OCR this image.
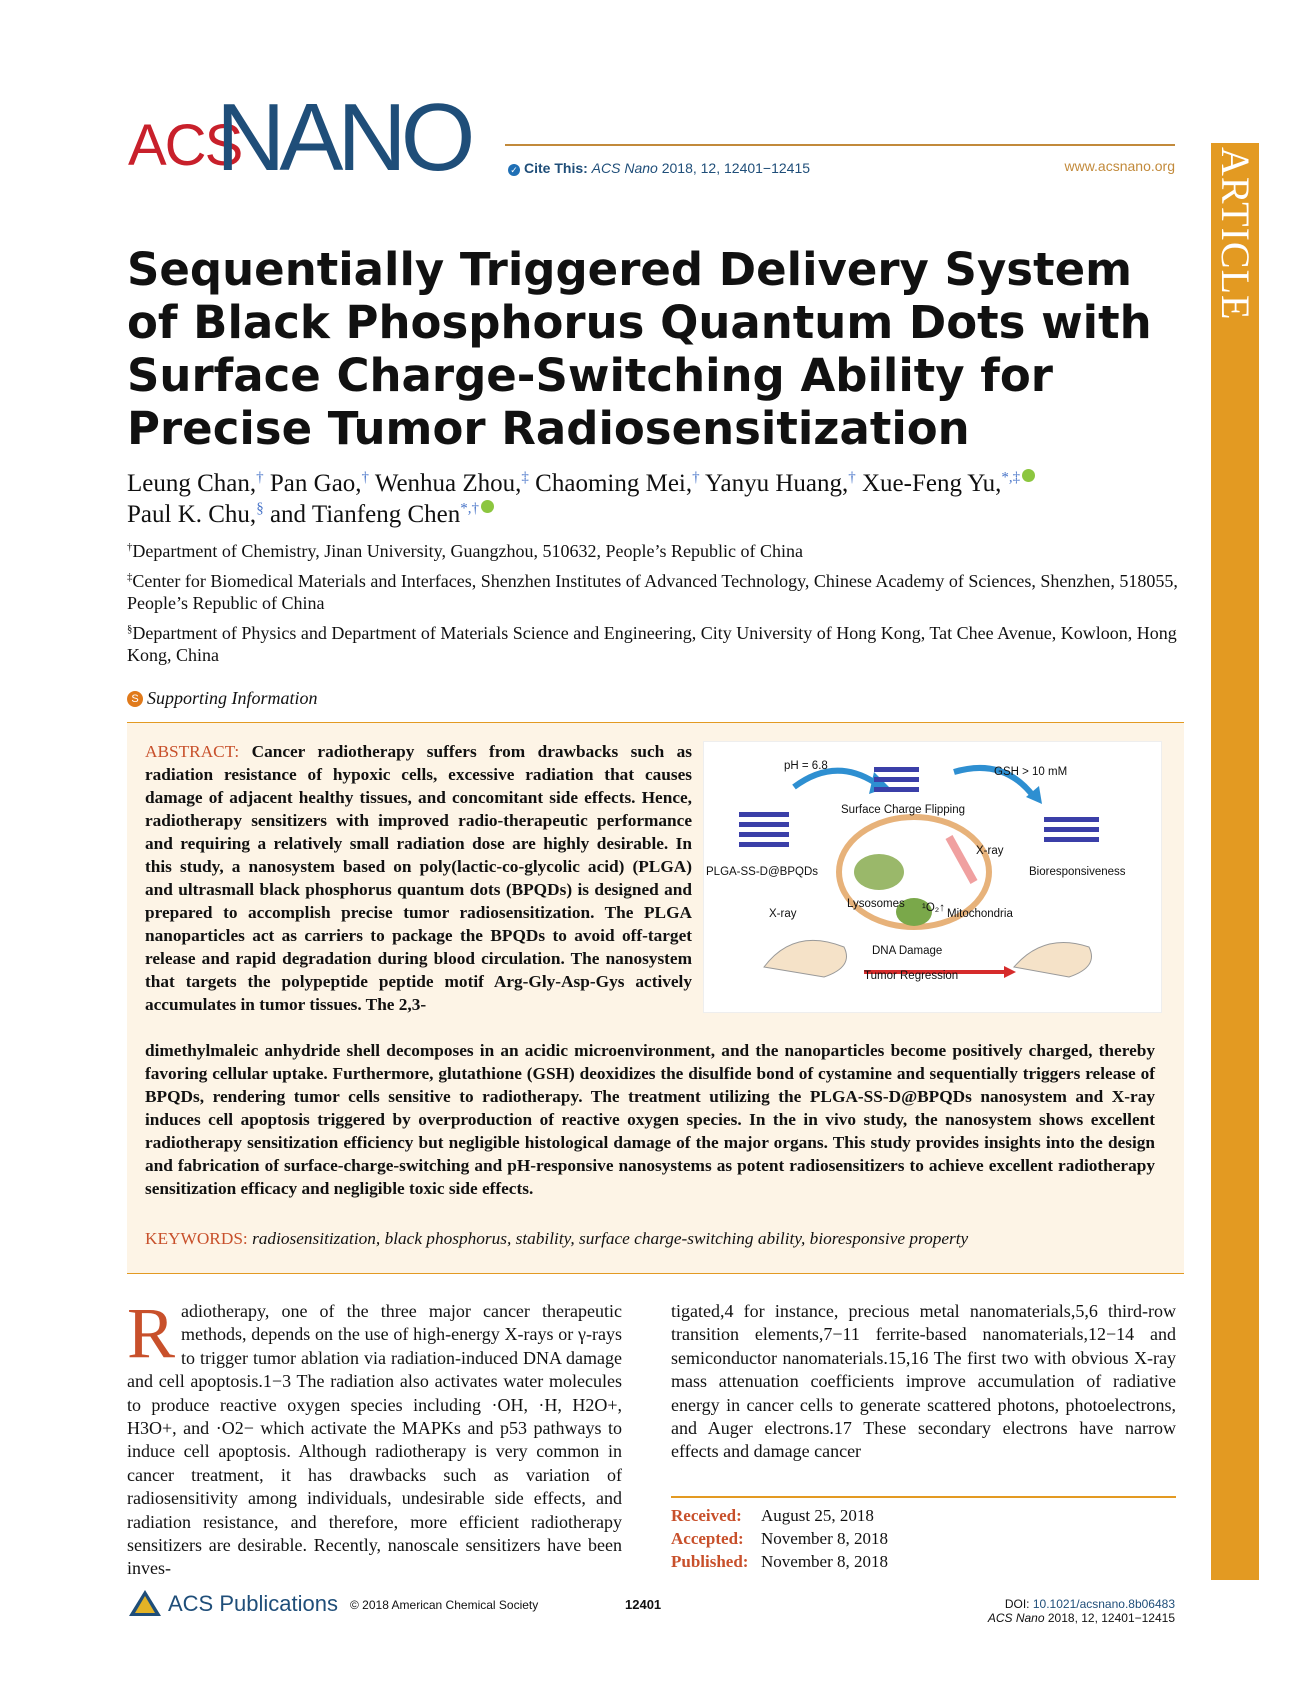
ACS
NANO	✓ Cite This: ACS Nano 2018, 12, 12401−12415	www.acsnano.org ARTICLE
Sequentially Triggered Delivery System of Black Phosphorus Quantum Dots with Surface Charge-Switching Ability for Precise Tumor Radiosensitization
Leung Chan,† Pan Gao,† Wenhua Zhou,‡ Chaoming Mei,† Yanyu Huang,† Xue-Feng Yu,*,‡
Paul K. Chu,§ and Tianfeng Chen*,†
†Department of Chemistry, Jinan University, Guangzhou, 510632, People’s Republic of China
‡Center for Biomedical Materials and Interfaces, Shenzhen Institutes of Advanced Technology, Chinese Academy of Sciences, Shenzhen, 518055, People’s Republic of China
§Department of Physics and Department of Materials Science and Engineering, City University of Hong Kong, Tat Chee Avenue, Kowloon, Hong Kong, China
S Supporting Information
ABSTRACT: Cancer radiotherapy suffers from drawbacks such as radiation resistance of hypoxic cells, excessive radiation that causes damage of adjacent healthy tissues, and concomitant side effects. Hence, radiotherapy sensitizers with improved radio-therapeutic performance and requiring a relatively small radiation dose are highly desirable. In this study, a nanosystem based on poly(lactic-co-glycolic acid) (PLGA) and ultrasmall black phosphorus quantum dots (BPQDs) is designed and prepared to accomplish precise tumor radiosensitization. The PLGA nanoparticles act as carriers to package the BPQDs to avoid off-target release and rapid degradation during blood circulation. The nanosystem that targets the polypeptide peptide motif Arg-Gly-Asp-Gys actively accumulates in tumor tissues. The 2,3-
dimethylmaleic anhydride shell decomposes in an acidic microenvironment, and the nanoparticles become positively charged, thereby favoring cellular uptake. Furthermore, glutathione (GSH) deoxidizes the disulfide bond of cystamine and sequentially triggers release of BPQDs, rendering tumor cells sensitive to radiotherapy. The treatment utilizing the PLGA-SS-D@BPQDs nanosystem and X-ray induces cell apoptosis triggered by overproduction of reactive oxygen species. In the in vivo study, the nanosystem shows excellent radiotherapy sensitization efficiency but negligible histological damage of the major organs. This study provides insights into the design and fabrication of surface-charge-switching and pH-responsive nanosystems as potent radiosensitizers to achieve excellent radiotherapy sensitization efficacy and negligible toxic side effects.
KEYWORDS: radiosensitization, black phosphorus, stability, surface charge-switching ability, bioresponsive property
pH = 6.8	GSH > 10 mM
Surface Charge Flipping
PLGA-SS-D@BPQDs
X-ray
Bioresponsiveness
Lysosomes
X-ray	¹O₂↑ Mitochondria
DNA Damage
Tumor Regression
Radiotherapy, one of the three major cancer therapeutic methods, depends on the use of high-energy X-rays or γ-rays to trigger tumor ablation via radiation-induced DNA damage and cell apoptosis.1−3 The radiation also activates water molecules to produce reactive oxygen species including ·OH, ·H, H2O+, H3O+, and ·O2− which activate the MAPKs and p53 pathways to induce cell apoptosis. Although radiotherapy is very common in cancer treatment, it has drawbacks such as variation of radiosensitivity among individuals, undesirable side effects, and radiation resistance, and therefore, more efficient radiotherapy sensitizers are desirable. Recently, nanoscale sensitizers have been inves-
tigated,4 for instance, precious metal nanomaterials,5,6 third-row transition elements,7−11 ferrite-based nanomaterials,12−14 and semiconductor nanomaterials.15,16 The first two with obvious X-ray mass attenuation coefficients improve accumulation of radiative energy in cancer cells to generate scattered photons, photoelectrons, and Auger electrons.17 These secondary electrons have narrow effects and damage cancer
Received: August 25, 2018
Accepted: November 8, 2018
Published: November 8, 2018
ACS Publications © 2018 American Chemical Society	12401	DOI: 10.1021/acsnano.8b06483
ACS Nano 2018, 12, 12401−12415
